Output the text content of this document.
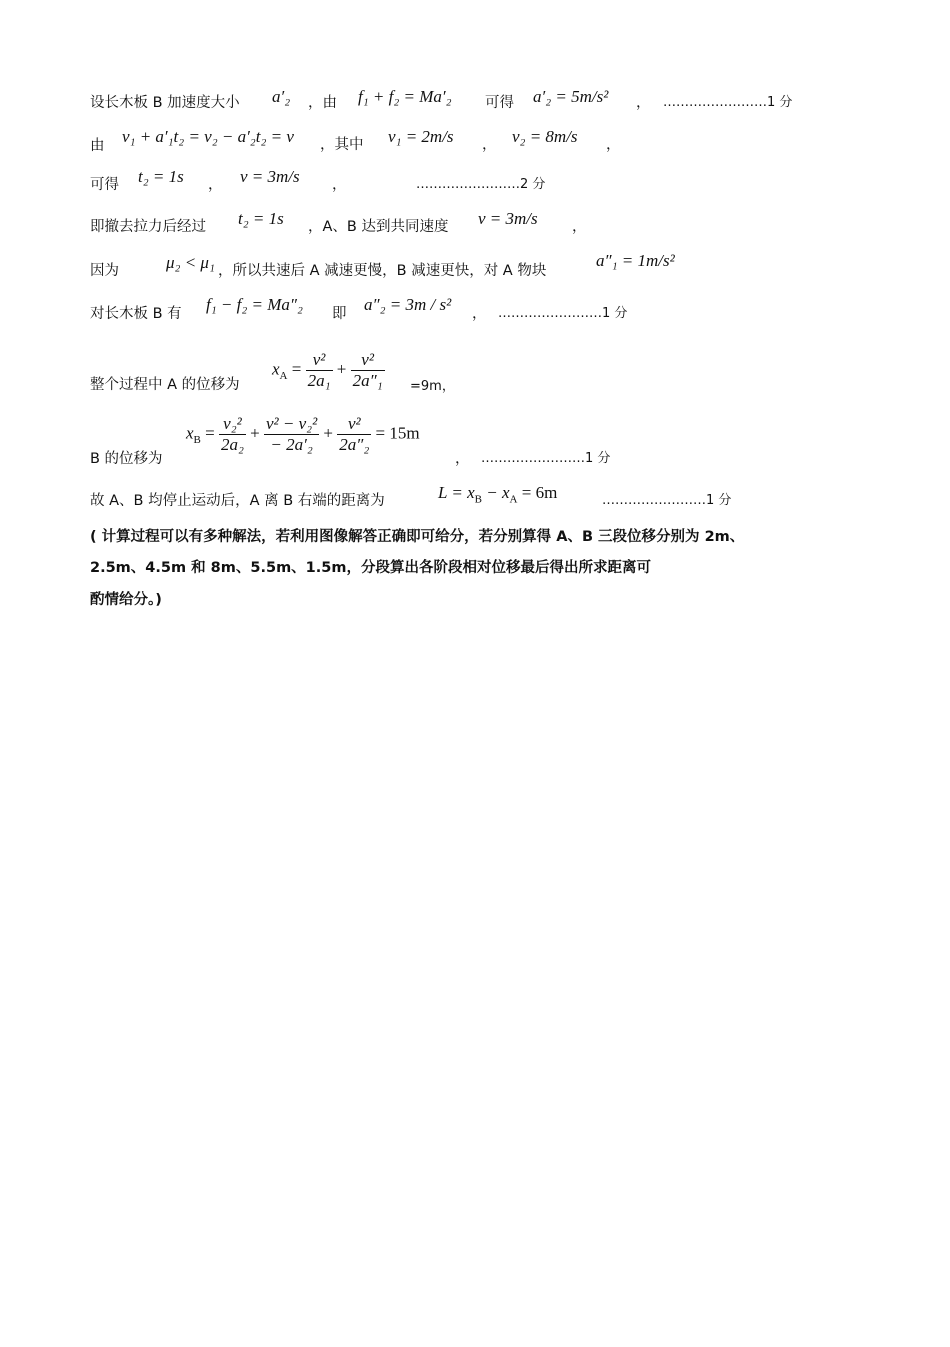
设长木板 B 加速度大小 a′₂ ，由 f₁ + f₂ = Ma′₂ 可得 a′₂ = 5m/s² ， ……………………1 分
由 v₁ + a′₁t₂ = v₂ − a′₂t₂ = v ，其中 v₁ = 2m/s ， v₂ = 8m/s ，
可得 t₂ = 1s ， v = 3m/s ，	……………………2 分
即撤去拉力后经过 t₂ = 1s ，A、B 达到共同速度 v = 3m/s ，
因为	μ₂ < μ₁ ，所以共速后 A 减速更慢，B 减速更快，对 A 物块
a″₁ = 1m/s²
对长木板 B 有 f₁ − f₂ = Ma″₂ 即 a″₂ = 3m / s² ， ……………………1 分
整个过程中 A 的位移为
$x_A = \frac{\text{v²}}{\text{2a₁}} + \frac{\text{v²}}{\text{2a″₁}} =9m$，
B 的位移为
$x_B = \frac{\text{v₂²}}{\text{2a₂}} + \frac{\text{v² − v₂²}}{\text{− 2a′₂}} + \frac{\text{v²}}{\text{2a″₂}} = 15m$
， ……………………1 分
故 A、B 均停止运动后，A 离 B 右端的距离为	$L = x_B - x_A = 6m$	……………………1 分
( 计算过程可以有多种解法，若利用图像解答正确即可给分，若分别算得 A、B 三段位移分别为 2m、
2.5m、4.5m 和 8m、5.5m、1.5m，分段算出各阶段相对位移最后得出所求距离可
酌情给分。)
